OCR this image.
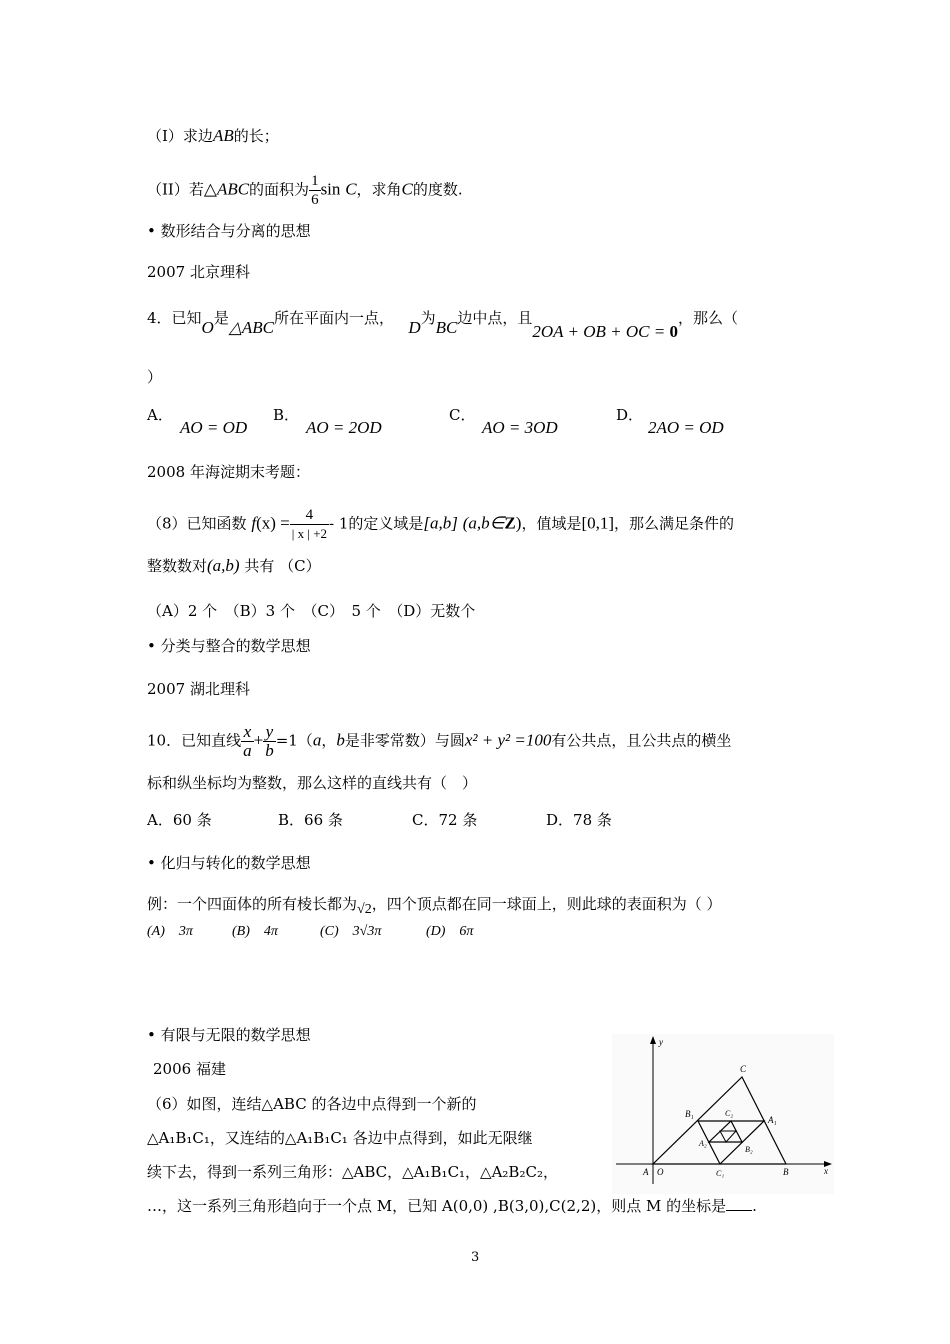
（I）求边AB的长；
（II）若△ABC的面积为 $\frac{1}{6}$ sin C，求角C的度数.
• 数形结合与分离的思想
2007 北京理科
4．已知O是△ABC所在平面内一点， D为BC边中点，且2OA + OB + OC = 0，那么（
）
A．
AO = OD
B．
AO = 2OD
C．
AO = 3OD
D．
2AO = OD
2008 年海淀期末考题：
（8）已知函数 $f(x) = \frac{4}{| x | +2} - 1$的定义域是[a,b] (a,b∈Z)，值域是[0,1]，那么满足条件的
整数数对(a,b) 共有 （C）
（A）2 个　（B）3 个　（C）　5 个　（D）无数个
• 分类与整合的数学思想
2007 湖北理科
10．已知直线 $\frac{x}{a} + \frac{y}{b} =1(a$，b是非零常数）与圆x² + y² =100有公共点，且公共点的横坐
标和纵坐标均为整数，那么这样的直线共有（　）
A．60 条	B．66 条	C．72 条	D．78 条
• 化归与转化的数学思想
例：一个四面体的所有棱长都为√2，四个顶点都在同一球面上，则此球的表面积为（ ）
(A)　3π	(B)　4π	(C)　3√3π	(D)　6π
• 有限与无限的数学思想
2006 福建
（6）如图，连结△ABC 的各边中点得到一个新的
△A₁B₁C₁，又连结的△A₁B₁C₁ 各边中点得到，如此无限继
续下去，得到一系列三角形：△ABC，△A₁B₁C₁，△A₂B₂C₂，
…，这一系列三角形趋向于一个点 M，已知 A(0,0) ,B(3,0),C(2,2)，则点 M 的坐标是 .
y
x
C
B₁	C₂
A₁
A₂
B₂
A O	C₁	B
3
